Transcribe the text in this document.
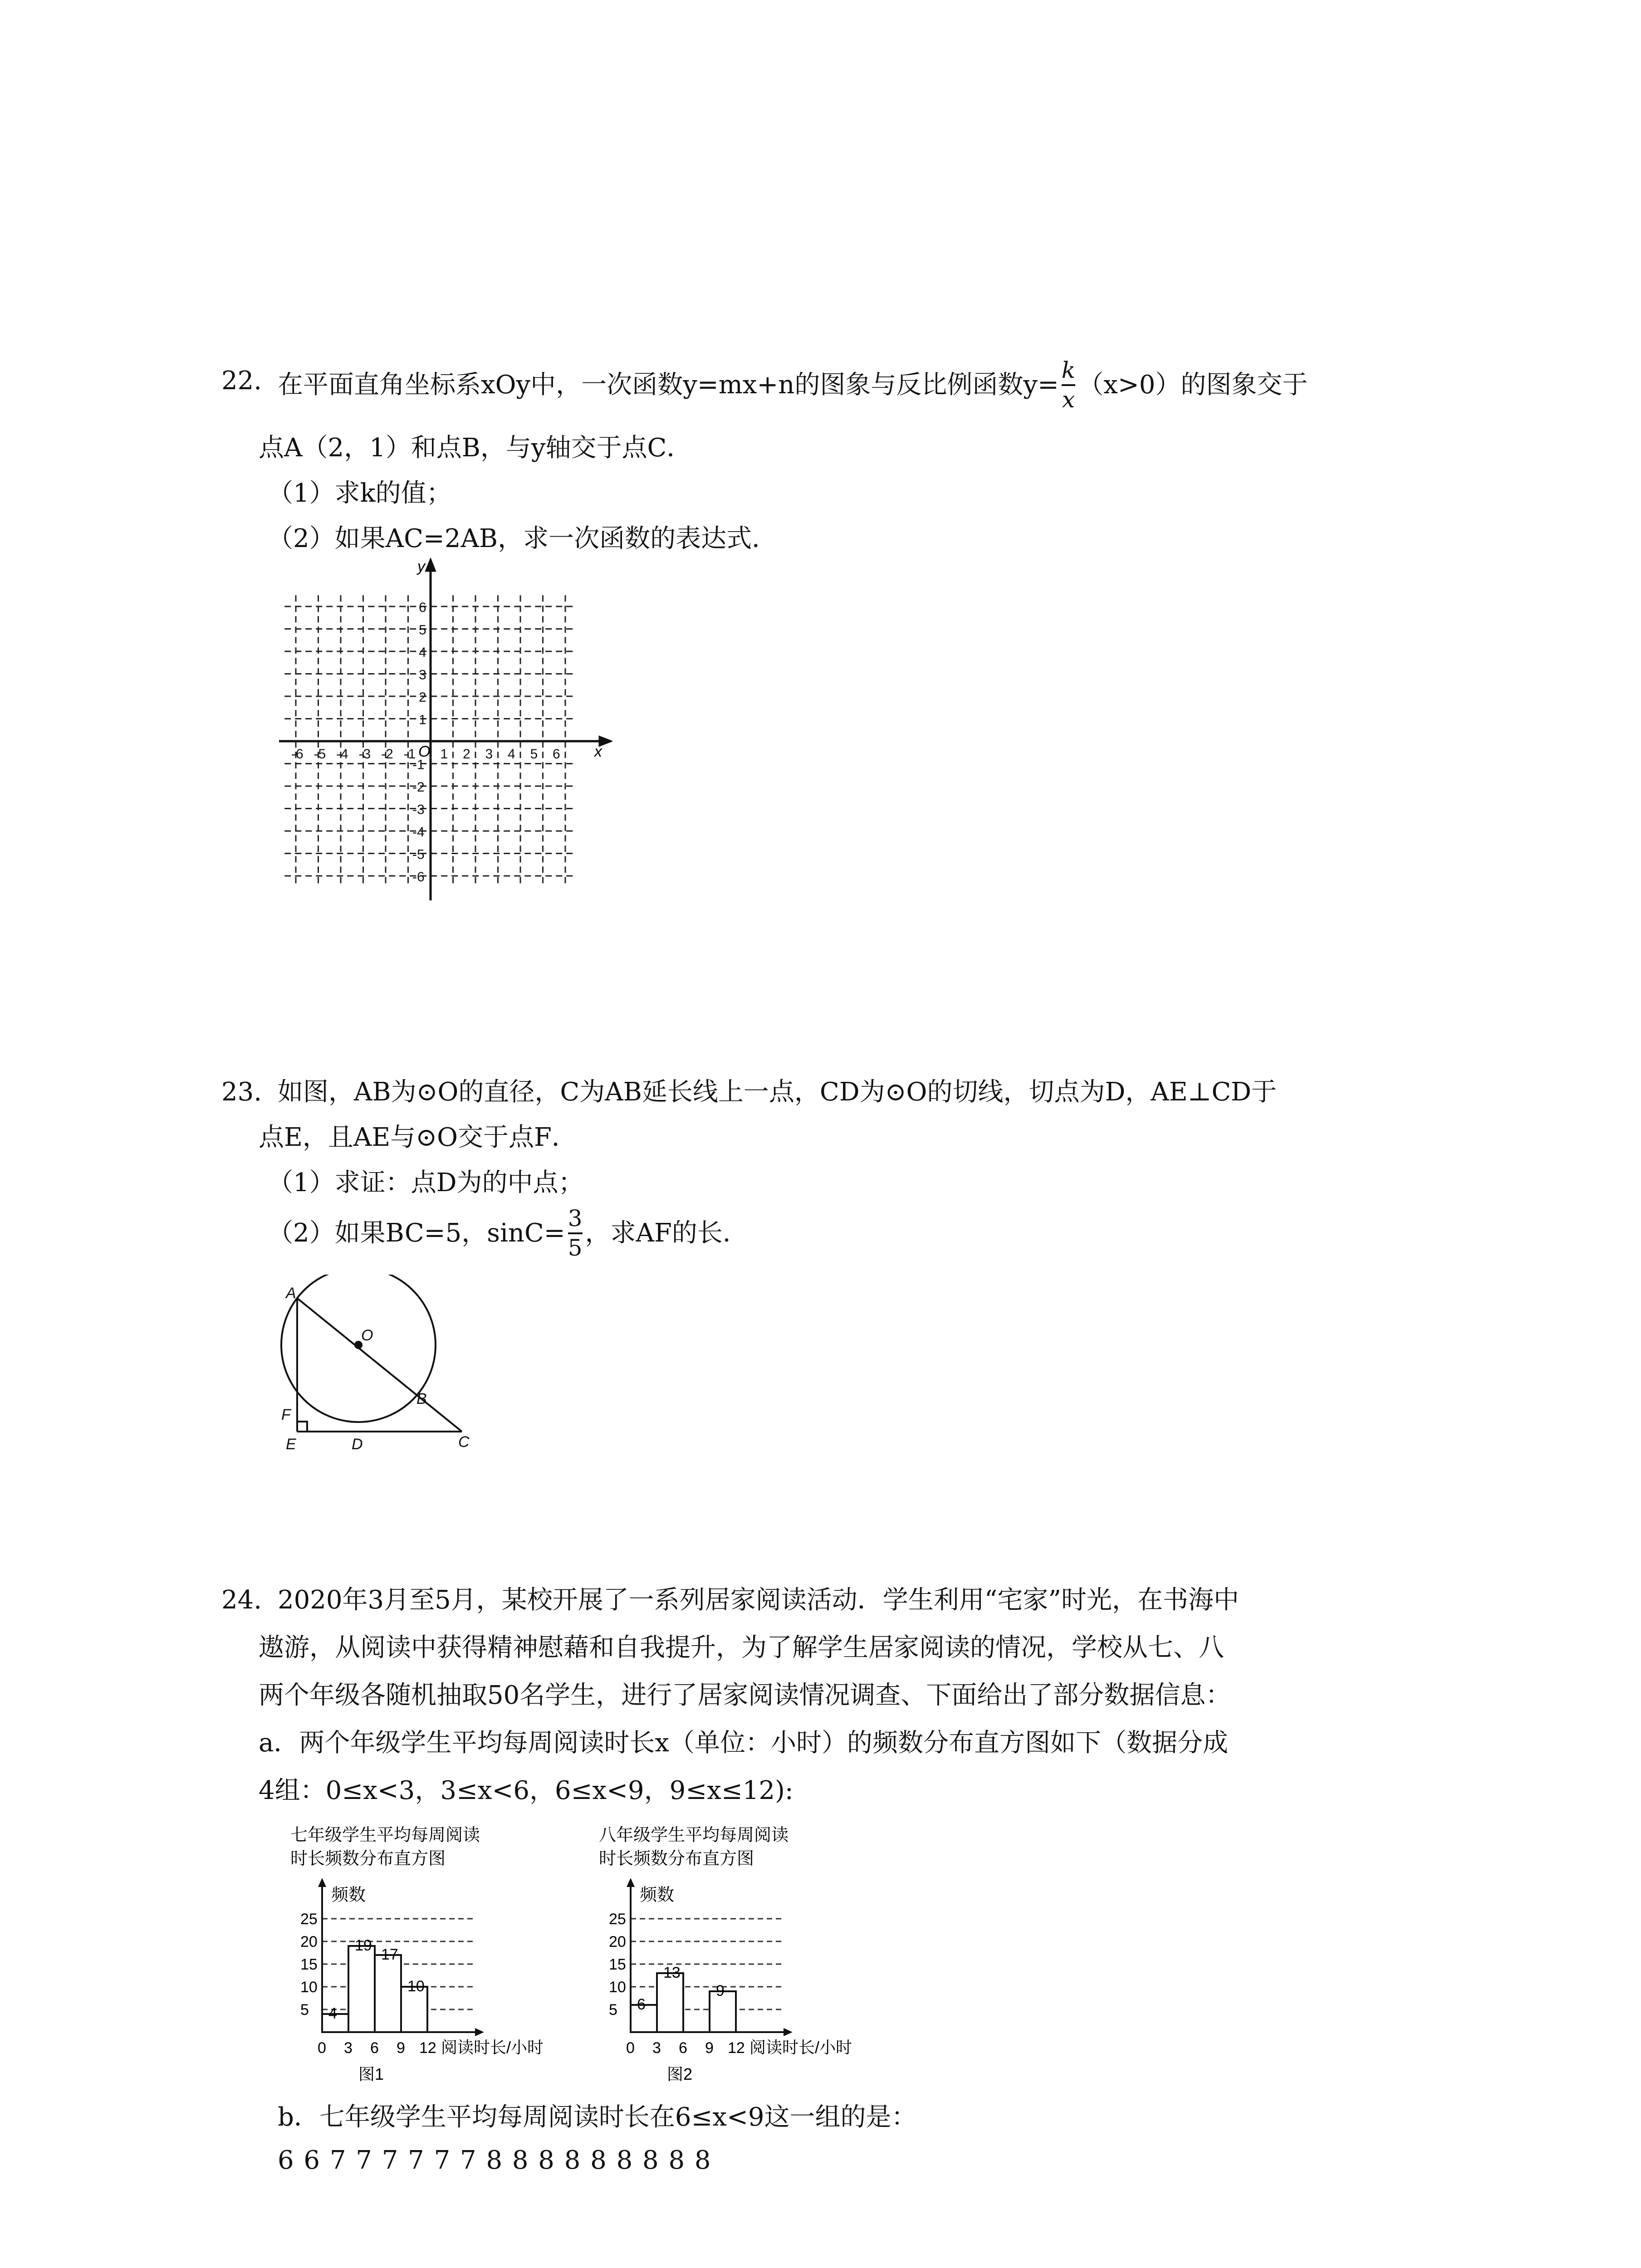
22. 在平面直角坐标系xOy中，一次函数y=mx+n的图象与反比例函数$y= \frac{k}{x} (x>0)$的图象交于
点A（2，1）和点B，与y轴交于点C．
（1）求k的值；
（2）如果AC=2AB，求一次函数的表达式．
-6 -5 -4 -3 -2 -1 1 2 3 4 5 6
6
5
4
3
2
1
-1
-2
-3
-4
-5
-6
y
x
O
23. 如图，AB为⊙O的直径，C为AB延长线上一点，CD为⊙O的切线，切点为D，AE⊥CD于
点E，且AE与⊙O交于点F．
（1）求证：点D为的中点；
（2）如果BC=5，$\sin C= \frac{3}{5}$ ，求AF的长．
A
O
B
F
E	D	C
24. 2020年3月至5月，某校开展了一系列居家阅读活动．学生利用“宅家”时光，在书海中
遨游，从阅读中获得精神慰藉和自我提升，为了解学生居家阅读的情况，学校从七、八
两个年级各随机抽取50名学生，进行了居家阅读情况调查、下面给出了部分数据信息：
a．两个年级学生平均每周阅读时长x（单位：小时）的频数分布直方图如下（数据分成
4组：0≤x<3，3≤x<6，6≤x<9，9≤x≤12):
七年级学生平均每周阅读
时长频数分布直方图
频数
5
10
15
20
25
4
19
17
10
0 3 6 9 12 阅读时长/小时
图1
八年级学生平均每周阅读
时长频数分布直方图
频数
5
10
15
20
25
6
13
9
0 3 6 9 12 阅读时长/小时
图2
b．七年级学生平均每周阅读时长在6≤x<9这一组的是：
6 6 7 7 7 7 7 7 8 8 8 8 8 8 8 8 8
